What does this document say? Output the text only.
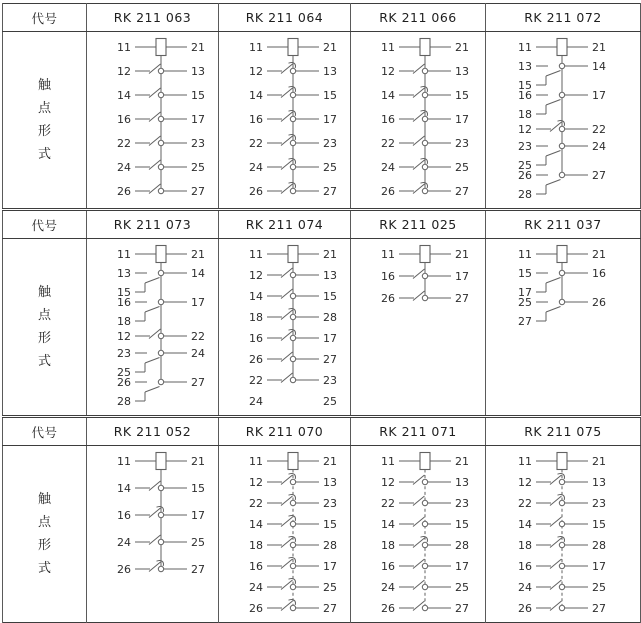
代号	RK 211 063	RK 211 064	RK 211 066	RK 211 072

触
点
形
式

11	21
12	13
14	15
16	17
22	23
24	25
26	27

11	21
12	13
14	15
16	17
22	23
24	25
26	27

11	21
12	13
14	15
16	17
22	23
24	25
26	27

11	21
13	14
15
16	17
18
12	22
23	24
25
26	27
28

代号	RK 211 073	RK 211 074	RK 211 025	RK 211 037

触
点
形
式

11	21
13	14
15
16	17
18
12	22
23	24
25
26	27
28

11	21
12	13
14	15
18	28
16	17
26	27
22	23
24	25

11	21
16	17
26	27

11	21
15	16
17
25	26
27

代号	RK 211 052	RK 211 070	RK 211 071	RK 211 075

触
点
形
式

11	21
14	15
16	17
24	25
26	27

11	21
12	13
22	23
14	15
18	28
16	17
24	25
26	27

11	21
12	13
22	23
14	15
18	28
16	17
24	25
26	27

11	21
12	13
22	23
14	15
18	28
16	17
24	25
26	27
